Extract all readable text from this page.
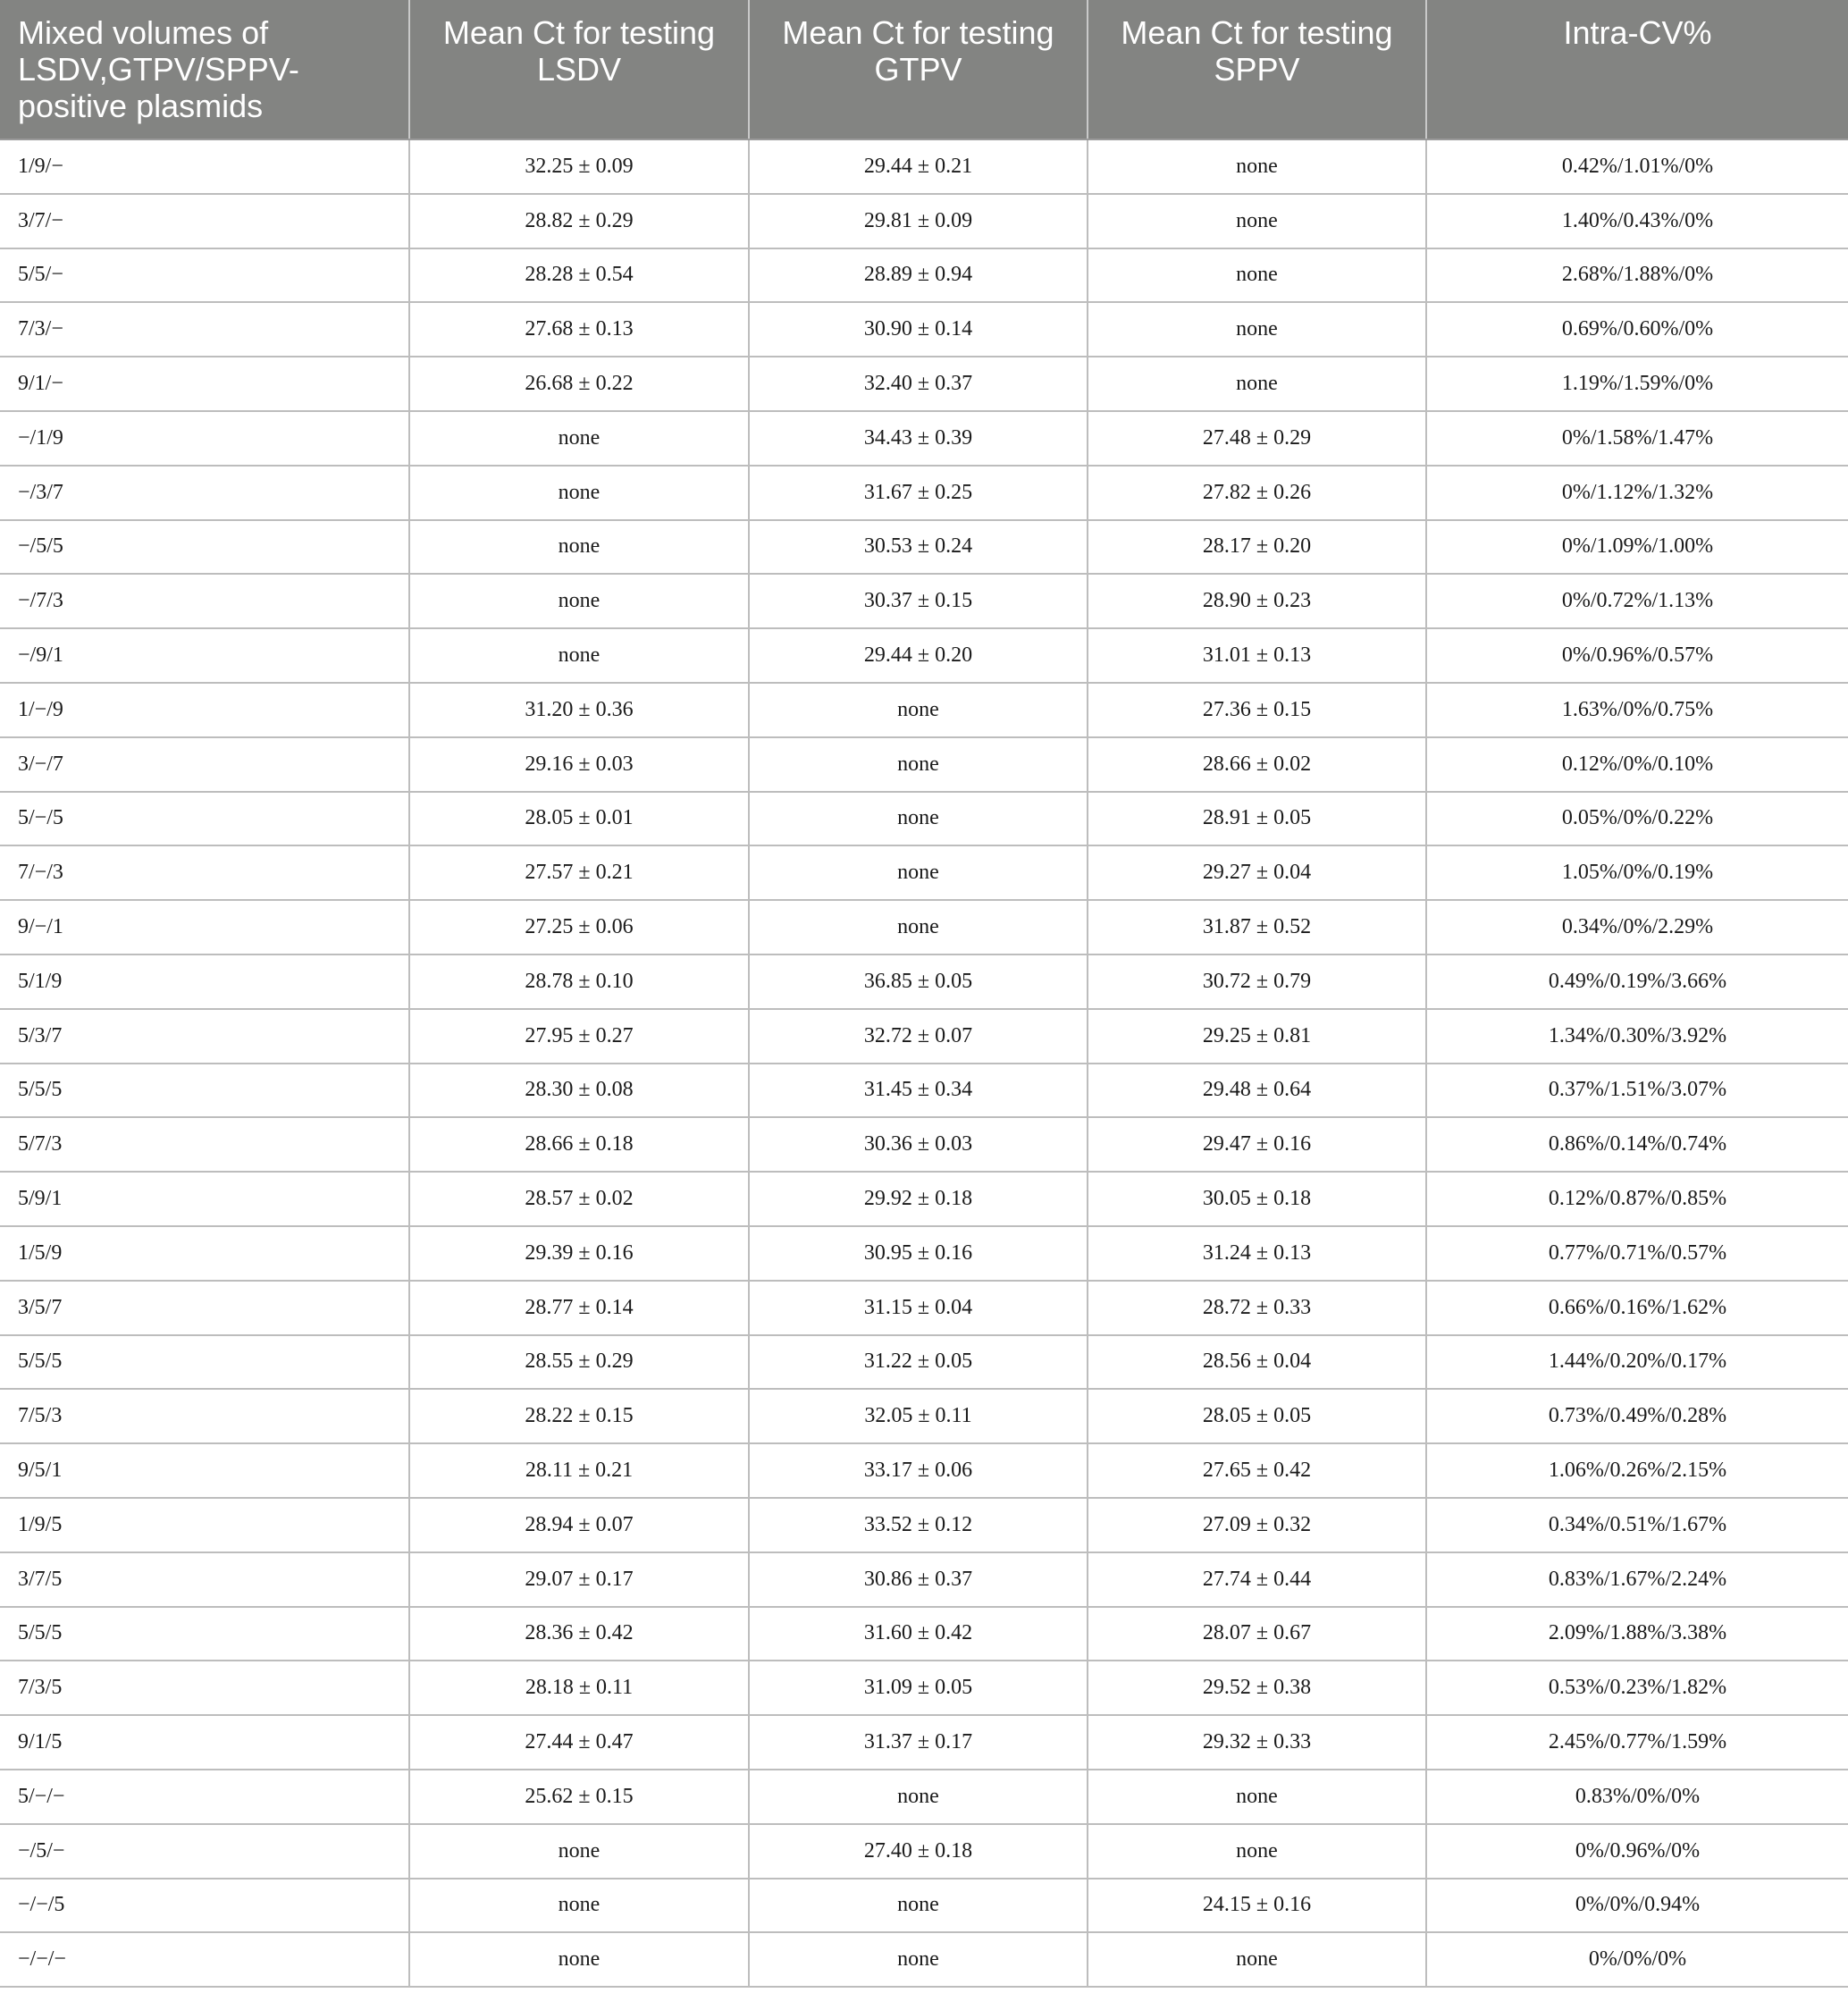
Mixed volumes of LSDV,GTPV/SPPV-positive plasmids	Mean Ct for testing LSDV	Mean Ct for testing GTPV	Mean Ct for testing SPPV	Intra-CV%

1/9/−	32.25 ± 0.09	29.44 ± 0.21	none	0.42%/1.01%/0%
3/7/−	28.82 ± 0.29	29.81 ± 0.09	none	1.40%/0.43%/0%
5/5/−	28.28 ± 0.54	28.89 ± 0.94	none	2.68%/1.88%/0%
7/3/−	27.68 ± 0.13	30.90 ± 0.14	none	0.69%/0.60%/0%
9/1/−	26.68 ± 0.22	32.40 ± 0.37	none	1.19%/1.59%/0%
−/1/9	none	34.43 ± 0.39	27.48 ± 0.29	0%/1.58%/1.47%
−/3/7	none	31.67 ± 0.25	27.82 ± 0.26	0%/1.12%/1.32%
−/5/5	none	30.53 ± 0.24	28.17 ± 0.20	0%/1.09%/1.00%
−/7/3	none	30.37 ± 0.15	28.90 ± 0.23	0%/0.72%/1.13%
−/9/1	none	29.44 ± 0.20	31.01 ± 0.13	0%/0.96%/0.57%
1/−/9	31.20 ± 0.36	none	27.36 ± 0.15	1.63%/0%/0.75%
3/−/7	29.16 ± 0.03	none	28.66 ± 0.02	0.12%/0%/0.10%
5/−/5	28.05 ± 0.01	none	28.91 ± 0.05	0.05%/0%/0.22%
7/−/3	27.57 ± 0.21	none	29.27 ± 0.04	1.05%/0%/0.19%
9/−/1	27.25 ± 0.06	none	31.87 ± 0.52	0.34%/0%/2.29%
5/1/9	28.78 ± 0.10	36.85 ± 0.05	30.72 ± 0.79	0.49%/0.19%/3.66%
5/3/7	27.95 ± 0.27	32.72 ± 0.07	29.25 ± 0.81	1.34%/0.30%/3.92%
5/5/5	28.30 ± 0.08	31.45 ± 0.34	29.48 ± 0.64	0.37%/1.51%/3.07%
5/7/3	28.66 ± 0.18	30.36 ± 0.03	29.47 ± 0.16	0.86%/0.14%/0.74%
5/9/1	28.57 ± 0.02	29.92 ± 0.18	30.05 ± 0.18	0.12%/0.87%/0.85%
1/5/9	29.39 ± 0.16	30.95 ± 0.16	31.24 ± 0.13	0.77%/0.71%/0.57%
3/5/7	28.77 ± 0.14	31.15 ± 0.04	28.72 ± 0.33	0.66%/0.16%/1.62%
5/5/5	28.55 ± 0.29	31.22 ± 0.05	28.56 ± 0.04	1.44%/0.20%/0.17%
7/5/3	28.22 ± 0.15	32.05 ± 0.11	28.05 ± 0.05	0.73%/0.49%/0.28%
9/5/1	28.11 ± 0.21	33.17 ± 0.06	27.65 ± 0.42	1.06%/0.26%/2.15%
1/9/5	28.94 ± 0.07	33.52 ± 0.12	27.09 ± 0.32	0.34%/0.51%/1.67%
3/7/5	29.07 ± 0.17	30.86 ± 0.37	27.74 ± 0.44	0.83%/1.67%/2.24%
5/5/5	28.36 ± 0.42	31.60 ± 0.42	28.07 ± 0.67	2.09%/1.88%/3.38%
7/3/5	28.18 ± 0.11	31.09 ± 0.05	29.52 ± 0.38	0.53%/0.23%/1.82%
9/1/5	27.44 ± 0.47	31.37 ± 0.17	29.32 ± 0.33	2.45%/0.77%/1.59%
5/−/−	25.62 ± 0.15	none	none	0.83%/0%/0%
−/5/−	none	27.40 ± 0.18	none	0%/0.96%/0%
−/−/5	none	none	24.15 ± 0.16	0%/0%/0.94%
−/−/−	none	none	none	0%/0%/0%
